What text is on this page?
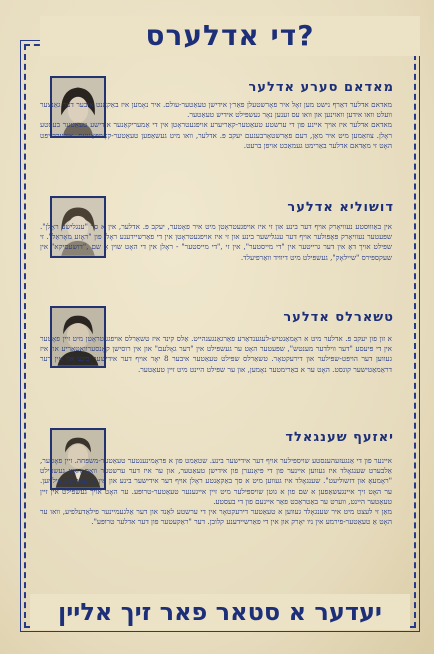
?די אדלערס
מאדאם סערע אדלער

מאדאם אדלער דאַרף נישט מען זאָל איר פאָרשטעלן פאַר׳ן אידישן טעאַטער-עולם. איר נאָמען איז באַקאַנט איבער דער גאַנצער וועלט וואו אידען וואוינען און וואו עס זענען נאָר געשפּילט אידיש טעאַטער.

מאדאם אדלער איז אויך איינע פון די ערשטע טעאַטער-קאַריערע אויפגעטראָטן אין די אַמעריקאַנער אידישע טעאַטער בעסטע ראָלן. צוזאַמען מיט איר מאַן, דעם פאַרשטאָרבענעם יעקב פּ. אדלער, וואו מיט געשאַפען טעאַטער-קאָמפּאַניעס. איבערהויפּט האָט זי מאַדאם אדלער באַרימט געמאַכט אויפן ברעט.

דושוליא אדלער

אין באַוווּסטע נעוויאָרק אויף דער בינע און זי איז אויפגעטראָטן מיט איר פאָטער, יעקב פּ. אדלער, אין א סך "ענגלישע ראָלן". שפּעטער נעוויאָרק פּאָפּולער אויף דער ענגלישער בינע און זי איז אויפגעטראָטן אין די פאַרשיידענע ראָלן פון "ראָזע מאָראַל". זי שפּילט אויך דאָ אין דער גרייטער אין "די מייסטער", אין זי ,"די מייסטער" - ראָלן אין די האָט שוין אַ שם ,"דושעסיקא" אין שעקספּירס "שיילאָק", געשפּילט מיט דיוויד וואַרפיעלד.

טשארלס אדלער

א זון פון יעקב פּ. אדלער מיט א ראָמאַנטיש-לעגענדאַרע פאַרגאַנגענהייט. אַלס קינד איז טשאַרלס אויפגעטראָטן מיט זיין פאָטער אין די פּיעסע "דער ווילדער מענטש", שפּעטער האָט ער געשפּילט אין "דער גאָלעם" און אין רוסישן קאָנסערוואַטאָריע און איז געווען דער הויפּט-שפּילער און דירעקטאָר. טשאַרלס שפּילט טעאַטער איבער 8 יאָר אויף דער אידישער בינע און אין דער דראַמאַטישער קונסט. האָט ער א באַרימטער נאָמען, און ער שפּילט היינט מיט זיין טעאַטער.

יאזעף שענגאלד

איינער פון די אַנגעזעהענסטע שויספּילער אויף דער אידישער בינע. שטאַמט פון א פּראָמינענטער טעאַטער-משפּחה. זיין פאָטער, אַלבערט שענגאָלד איז געווען איינער פון די פּיאָנערן פון אידישן טעאַטער, און ער איז דער ערשטער וואָס האָט געשפּילט "ראָמעאָ און דזשוליעט". שענגאָלד איז געווען מיט א סך באַקאַנטע ראָלן אויף דער אידישער בינע און אין די ענגלישע פילמען. ער האָט זיך איינגעשאַפען א שם פון א גוטן שויספּילער מיט זיין אייגענער טעאַטער-טרופּע. ער האָט אויך געשפּילט אין זיין טעאַטער היינט, ווערט ער באַטראַכט פאַר איינעם פון די בעסטע.

מאַן זי לעצט מיט איר שענגאָלד געווען א טעאַטער דירעקטאָר אין די ערשטע לאַנד און דער אַלגעמיינער פילאַדעלפיע, וואו ער האָט אַ טעאַטער-פירמע אין ניו יאָרק און אין די פאַרשיידענע קלובן. דער "ראַקעטער פון דער אדלער טרופּע".

יעדער א סטאר פאר זיך אליין
